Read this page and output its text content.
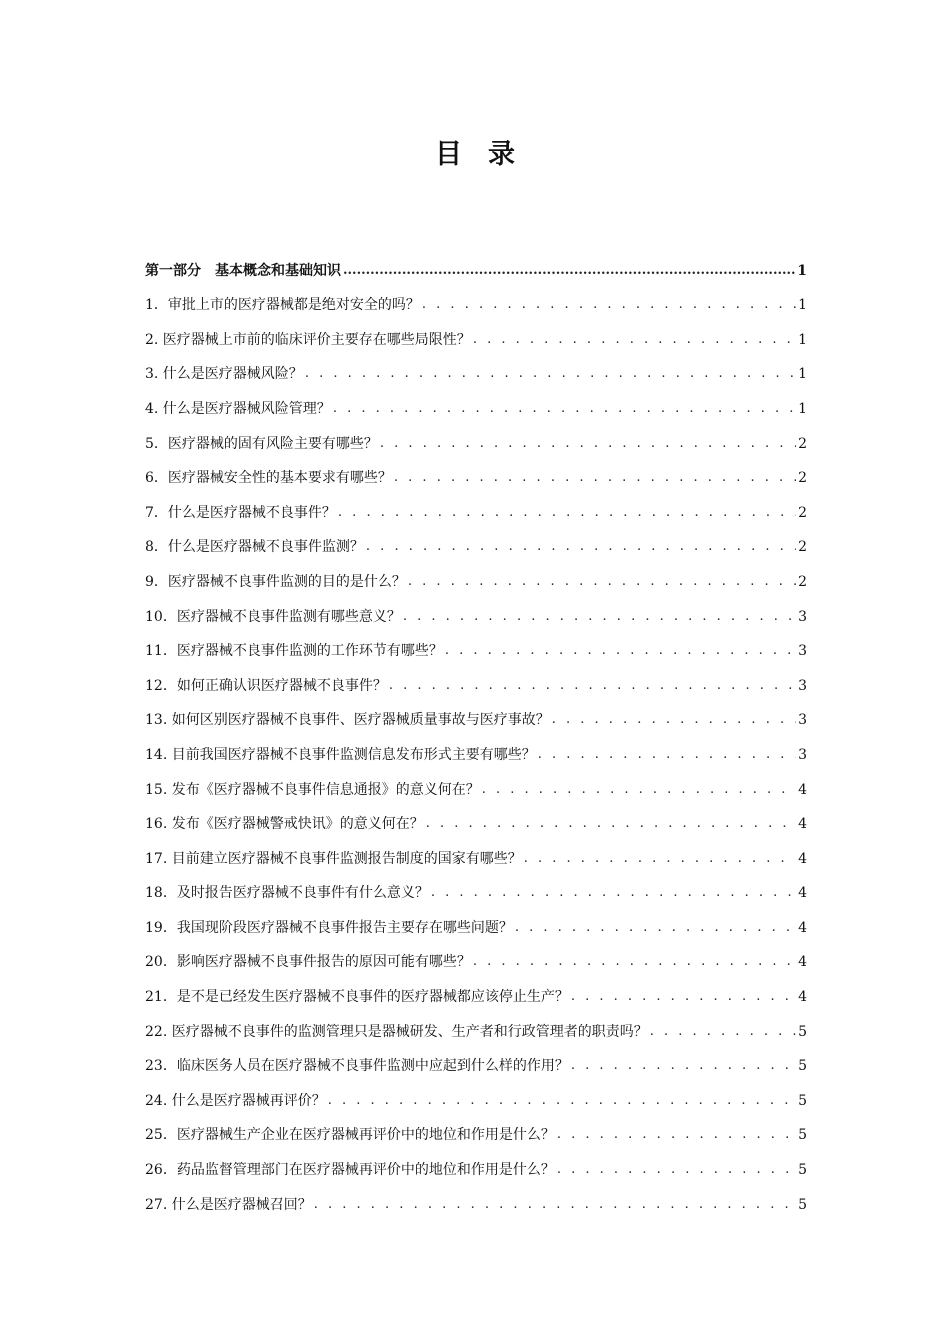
目录
第一部分　基本概念和基础知识 .....	1
1．审批上市的医疗器械都是绝对安全的吗？ . . .	1
2. 医疗器械上市前的临床评价主要存在哪些局限性？ . . .	1
3. 什么是医疗器械风险？ . . .	1
4. 什么是医疗器械风险管理？ . . .	1
5．医疗器械的固有风险主要有哪些？ . . .	2
6．医疗器械安全性的基本要求有哪些？ . . .	2
7．什么是医疗器械不良事件？ . . .	2
8．什么是医疗器械不良事件监测？ . . .	2
9．医疗器械不良事件监测的目的是什么？ . . .	2
10．医疗器械不良事件监测有哪些意义？ . . .	3
11．医疗器械不良事件监测的工作环节有哪些？ . . .	3
12．如何正确认识医疗器械不良事件？ . . .	3
13. 如何区别医疗器械不良事件、医疗器械质量事故与医疗事故？ . . .	3
14. 目前我国医疗器械不良事件监测信息发布形式主要有哪些？ . . .	3
15. 发布《医疗器械不良事件信息通报》的意义何在？ . . .	4
16. 发布《医疗器械警戒快讯》的意义何在？ . . .	4
17. 目前建立医疗器械不良事件监测报告制度的国家有哪些？ . . .	4
18．及时报告医疗器械不良事件有什么意义？ . . .	4
19．我国现阶段医疗器械不良事件报告主要存在哪些问题？ . . .	4
20．影响医疗器械不良事件报告的原因可能有哪些？ . . .	4
21．是不是已经发生医疗器械不良事件的医疗器械都应该停止生产？ . . .	4
22. 医疗器械不良事件的监测管理只是器械研发、生产者和行政管理者的职责吗？ . . .	5
23．临床医务人员在医疗器械不良事件监测中应起到什么样的作用？ . . .	5
24. 什么是医疗器械再评价？ . . .	5
25．医疗器械生产企业在医疗器械再评价中的地位和作用是什么？ . . .	5
26．药品监督管理部门在医疗器械再评价中的地位和作用是什么？ . . .	5
27. 什么是医疗器械召回？ . . .	5
